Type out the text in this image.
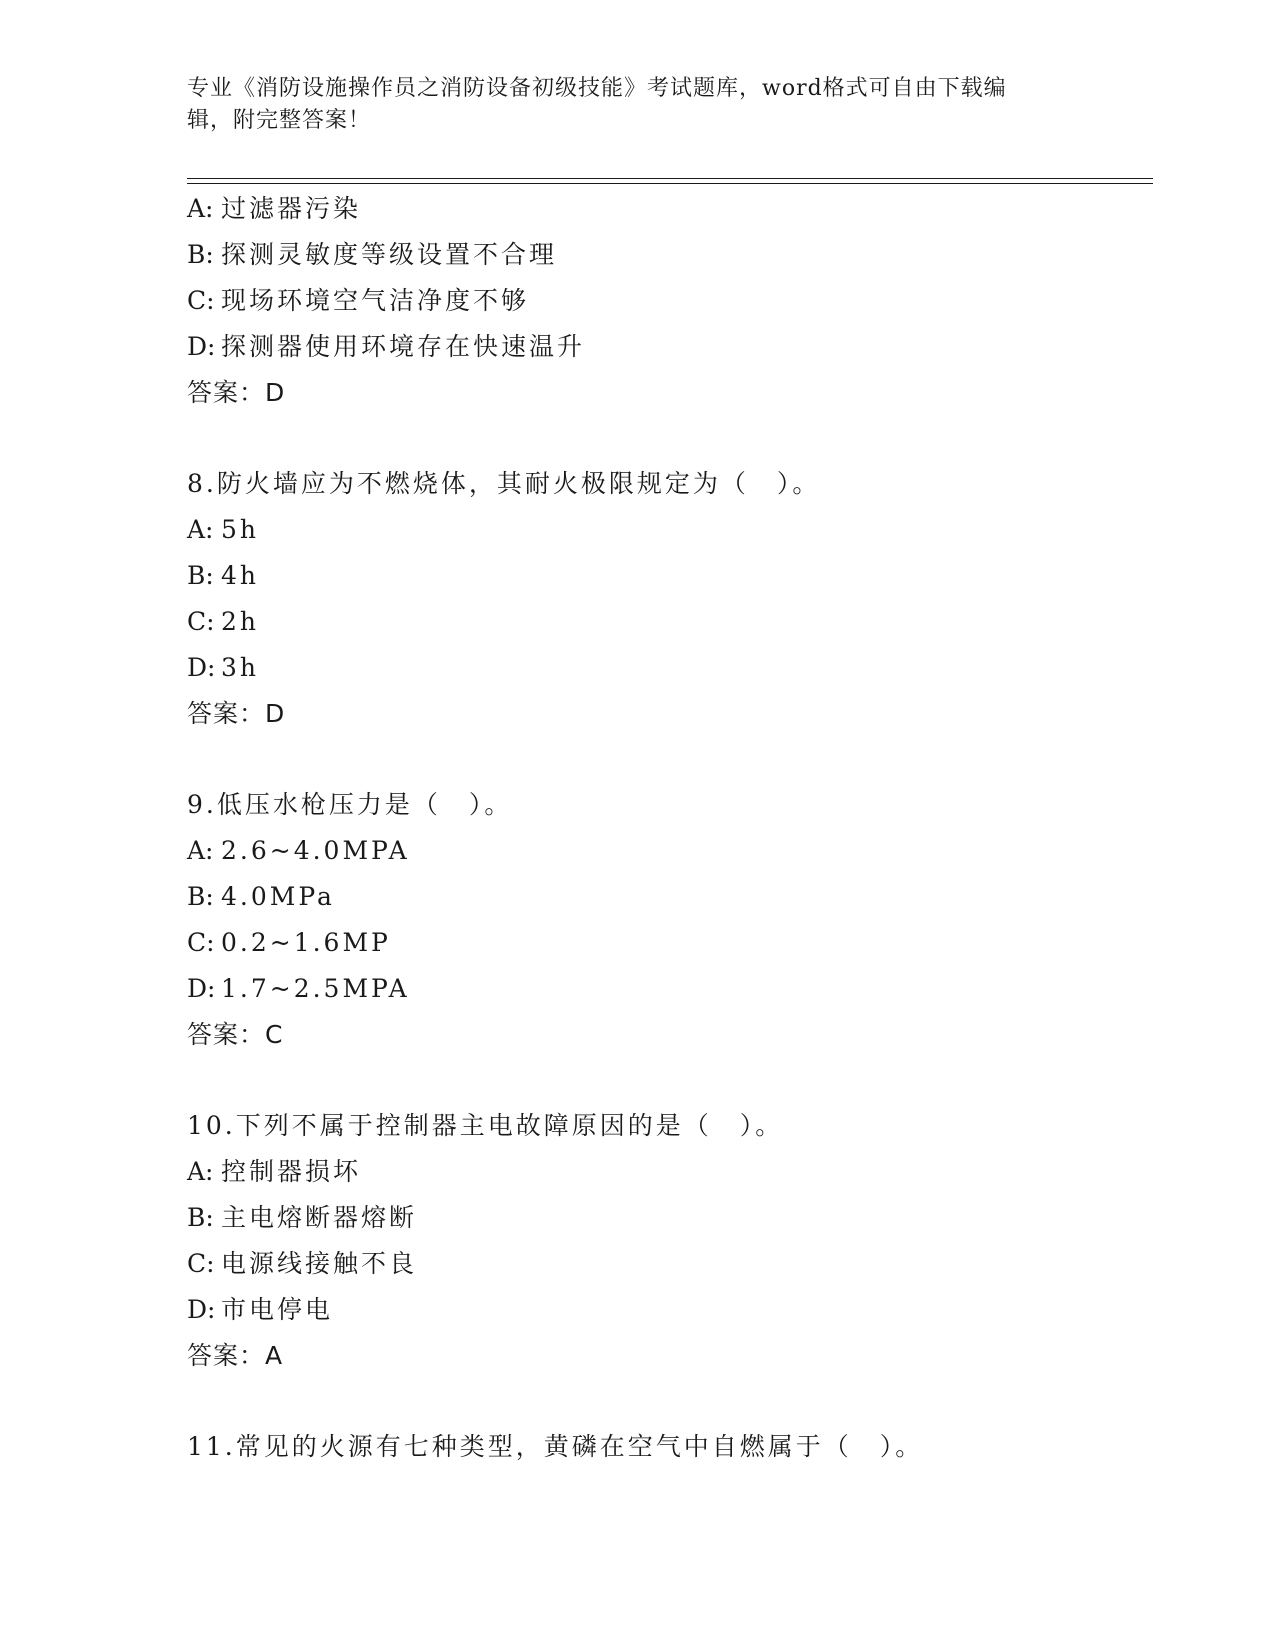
专业《消防设施操作员之消防设备初级技能》考试题库，word格式可自由下载编
辑，附完整答案！
A: 过滤器污染
B: 探测灵敏度等级设置不合理
C: 现场环境空气洁净度不够
D: 探测器使用环境存在快速温升
答案：D
8.防火墙应为不燃烧体，其耐火极限规定为（　）。
A: 5h
B: 4h
C: 2h
D: 3h
答案：D
9.低压水枪压力是（　）。
A: 2.6~4.0MPA
B: 4.0MPa
C: 0.2~1.6MP
D: 1.7~2.5MPA
答案：C
10.下列不属于控制器主电故障原因的是（　）。
A: 控制器损坏
B: 主电熔断器熔断
C: 电源线接触不良
D: 市电停电
答案：A
11.常见的火源有七种类型，黄磷在空气中自燃属于（　）。
